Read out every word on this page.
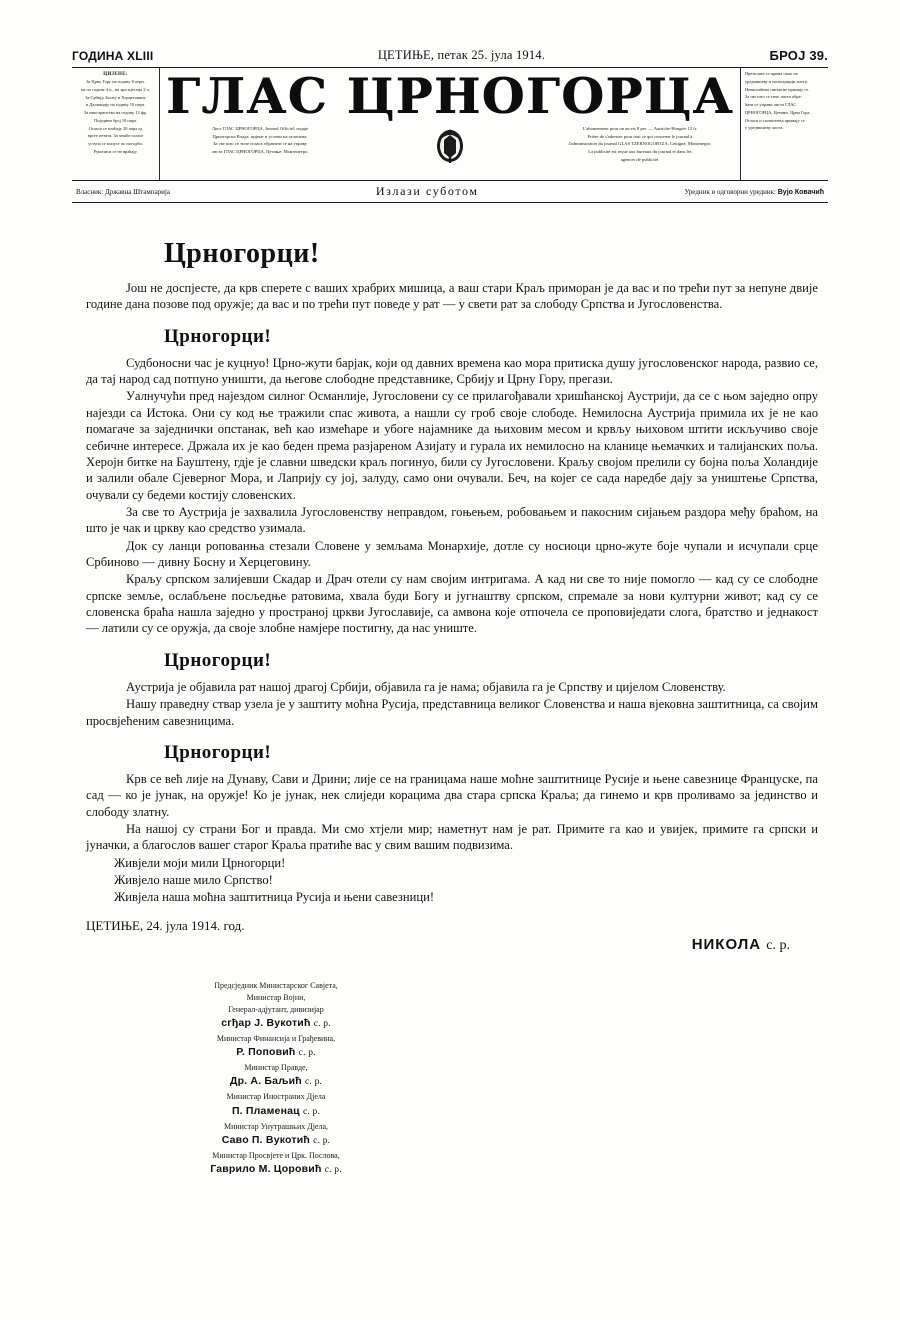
ГОДИНА XLIII	ЦЕТИЊЕ, петак 25. јула 1914.	БРОЈ 39.
ЦИЈЕНЕ:

За Црну Гору на годину 8 перп.

на по године 4 п., на три мјесеца 2 п.

За Србију, Босну и Херцеговину

и Далмацију на годину 10 перп.

За иностранство на годину 12 фр.

Поједини број 10 пара.

Огласи се плаћају 20 пара од

врсте петита. За чешће огласе

уступа се попуст по погодби.

Рукописи се не враћају.

ГЛАС ЦРНОГОРЦА

Лист ГЛАС ЦРНОГОРЦА, Journal Officiel, издаје

Црногорска Влада: цијене и услови на огласима.

За све што се тиче огласа обратити се на управу

листа ГЛАС ЦРНОГОРЦА, Цетиње, Монтенегро.

L'abonnement pour un an est 8 per. — Autriche-Hongrie 12 fr.

Prière de s'adresser pour tout ce qui concerne le journal à

l'administration du journal GLAS TZERNOGORTZA, Cettigné, Montenegro.

La publicité est reçue aux bureaux du journal et dans les

agences de publicité.

Претплата се прима само на

уредништву и експедицији листа.

Ненаплаћена писма не примају се.

За све што се тиче листа обра-

ћати се управи листа ГЛАС

ЦРНОГОРЦА, Цетиње, Црна Гора.

Огласи и саопштења примају се

у уредништву листа.

Власник: Државна Штампарија	Излази суботом	Уредник и одговорни уредник: Вујо Ковачић
Црногорци!

Још не доспјесте, да крв сперете с ваших храбрих мишица, а ваш стари Краљ приморан је да вас и по трећи пут за непуне двије године дана позове под оружје; да вас и по трећи пут поведе у рат — у свети рат за слободу Српства и Југословенства.

Црногорци!

Судбоносни час је куцнуо! Црно-жути барјак, који од давних времена као мора притиска душу југословенског народа, развио се, да тај народ сад потпуно уништи, да његове слободне представнике, Србију и Црну Гору, прегази.

Уалнучући пред најездом силног Османлије, Југословени су се прилагођавали хришћанској Аустрији, да се с њом заједно опру најезди са Истока. Они су код ње тражили спас живота, а нашли су гроб своје слободе. Немилосна Аустрија примила их је не као помагаче за заједнички опстанак, већ као измећаре и убоге најамнике да њиховим месом и крвљу њиховом штити искључиво своје себичне интересе. Држала их је као беден према разјареном Азијату и гурала их немилосно на кланице њемачких и талијанских поља. Херојн битке на Бауштену, гдје је славни шведски краљ погинуо, били су Југословени. Краљу својом прелили су бојна поља Холандије и залили обале Сјеверног Мора, и Лаприју су јој, залуду, само они очували. Беч, на којег се сада наредбе дају за уништење Српства, очували су бедеми костију словенских.

За све то Аустрија је захвалила Југословенству неправдом, гоњењем, робовањем и пакосним сијањем раздора међу браћом, на што је чак и цркву као средство узимала.

Док су ланци ропованња стезали Словене у земљама Монархије, дотле су носиоци црно-жуте боје чупали и исчупали срце Србиново — дивну Босну и Херцеговину.

Краљу српском залијевши Скадар и Драч отели су нам својим интригама. А кад ни све то није помогло — кад су се слободне српске земље, ослабљене посљедње ратовима, хвала буди Богу и југнаштву српском, спремале за нови културни живот; кад су се словенска браћа нашла заједно у пространој цркви Југославије, са амвона које отпочела се проповиједати слога, братство и једнакост — латили су се оружја, да своје злобне намјере постигну, да нас униште.

Црногорци!

Аустрија је објавила рат нашој драгој Србији, објавила га је нама; објавила га је Српству и цијелом Словенству.

Нашу праведну ствар узела је у заштиту моћна Русија, представница великог Словенства и наша вјековна заштитница, са својим просвјећеним савезницима.

Црногорци!

Крв се већ лије на Дунаву, Сави и Дрини; лије се на границама наше моћне заштитнице Русије и њене савезнице Француске, па сад — ко је јунак, на оружје! Ко је јунак, нек слиједи корацима два стара српска Краља; да гинемо и крв проливамо за јединство и слободу златну.

На нашој су страни Бог и правда. Ми смо хтјели мир; наметнут нам је рат. Примите га као и увијек, примите га српски и јуначки, а благослов вашег старог Краља пратиће вас у свим вашим подвизима.

Живјели моји мили Црногорци!

Живјело наше мило Српство!

Живјела наша моћна заштитница Русија и њени савезници!

ЦЕТИЊЕ, 24. јула 1914. год.
НИКОЛА с. р.
Предсједник Министарског Савјета,
Министар Војни,
Генерал-адјутант, дивизијар
сгђар Ј. Вукотић с. р.
Министар Финансија и Грађевина,
Р. Поповић с. р.
Министар Правде,
Др. А. Баљић с. р.
Министар Иностраних Дјела
П. Пламенац с. р.
Министар Унутрашњих Дјела,
Саво П. Вукотић с. р.
Министар Просвјете и Црк. Послова,
Гаврило М. Цоровић с. р.
